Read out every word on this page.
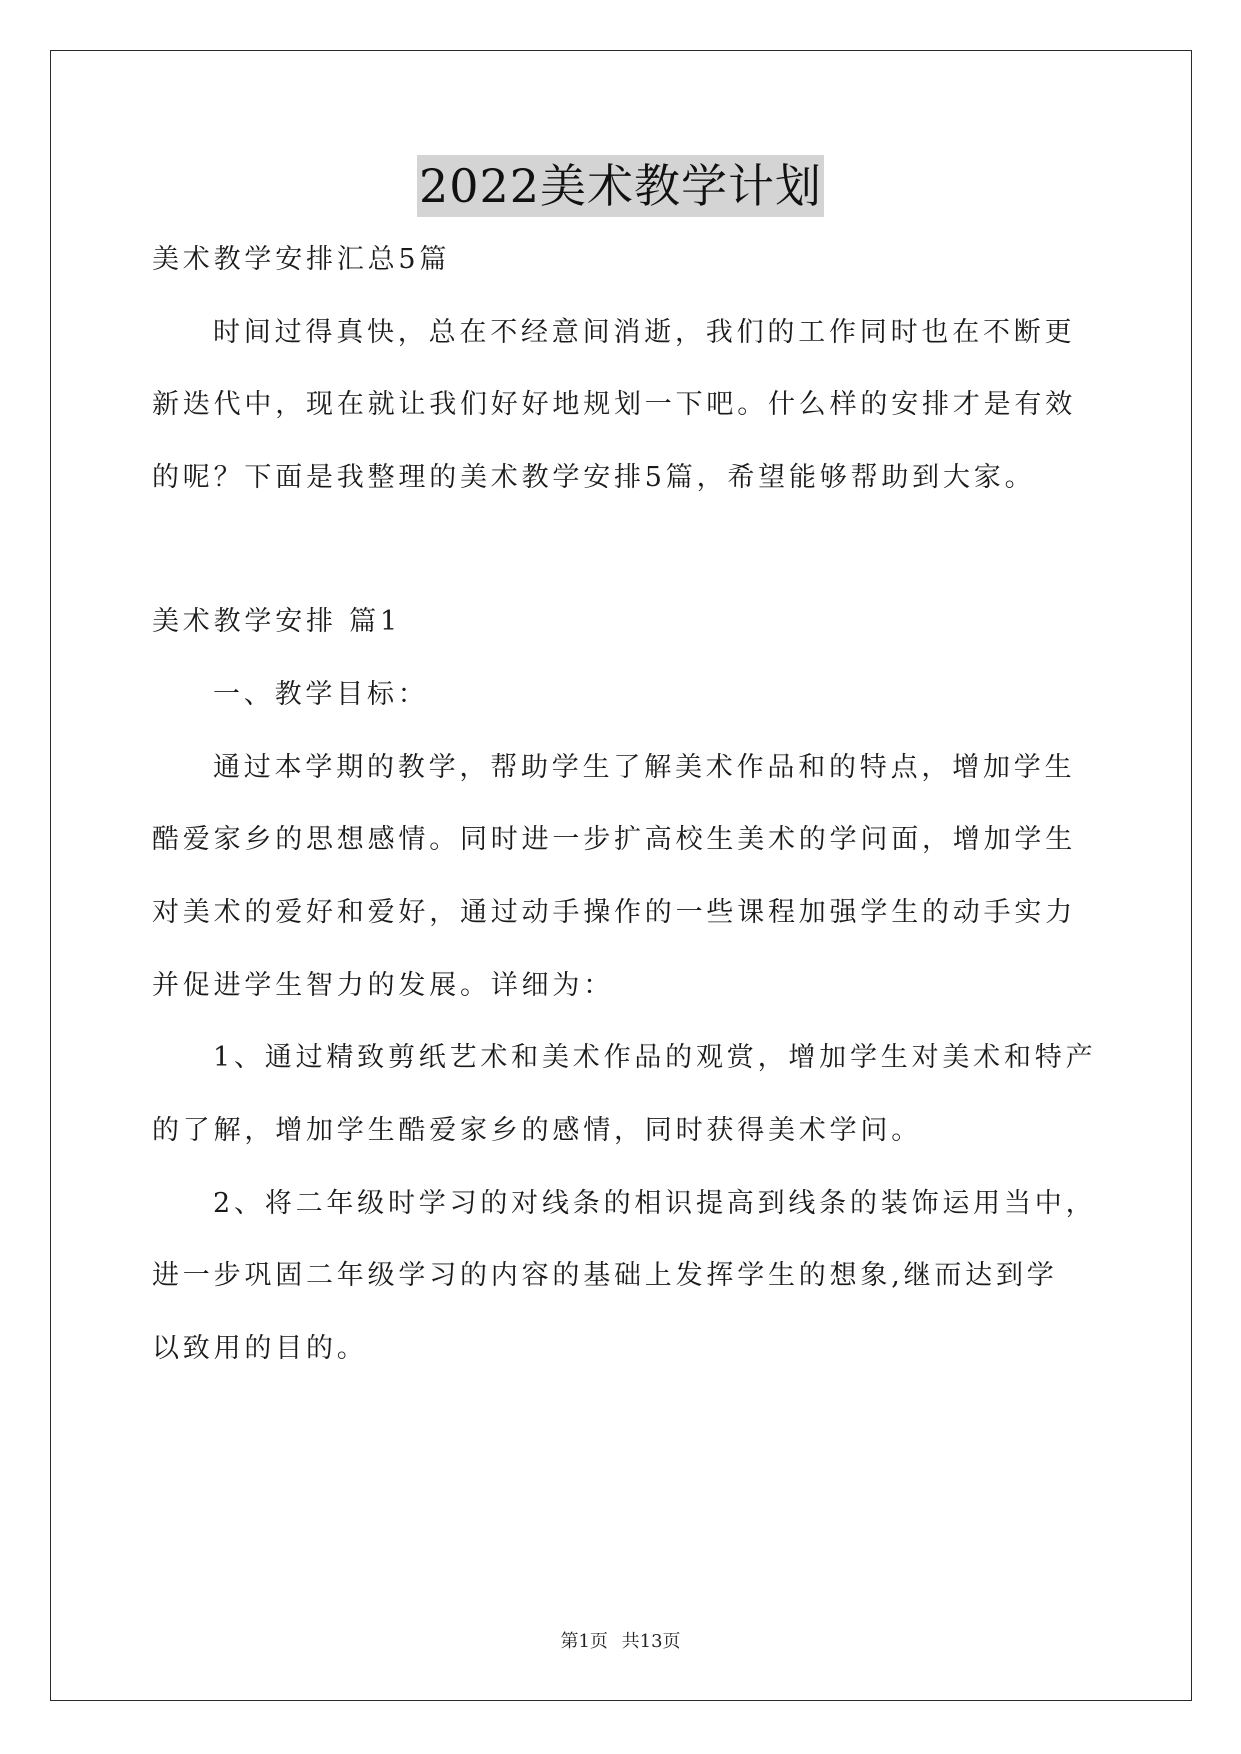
2022美术教学计划
美术教学安排汇总5篇
时间过得真快，总在不经意间消逝，我们的工作同时也在不断更
新迭代中，现在就让我们好好地规划一下吧。什么样的安排才是有效
的呢？下面是我整理的美术教学安排5篇，希望能够帮助到大家。
美术教学安排 篇1
一、教学目标：
通过本学期的教学，帮助学生了解美术作品和的特点，增加学生
酷爱家乡的思想感情。同时进一步扩高校生美术的学问面，增加学生
对美术的爱好和爱好，通过动手操作的一些课程加强学生的动手实力
并促进学生智力的发展。详细为：
1、通过精致剪纸艺术和美术作品的观赏，增加学生对美术和特产
的了解，增加学生酷爱家乡的感情，同时获得美术学问。
2、将二年级时学习的对线条的相识提高到线条的装饰运用当中，
进一步巩固二年级学习的内容的基础上发挥学生的想象,继而达到学
以致用的目的。
第1页 共13页
